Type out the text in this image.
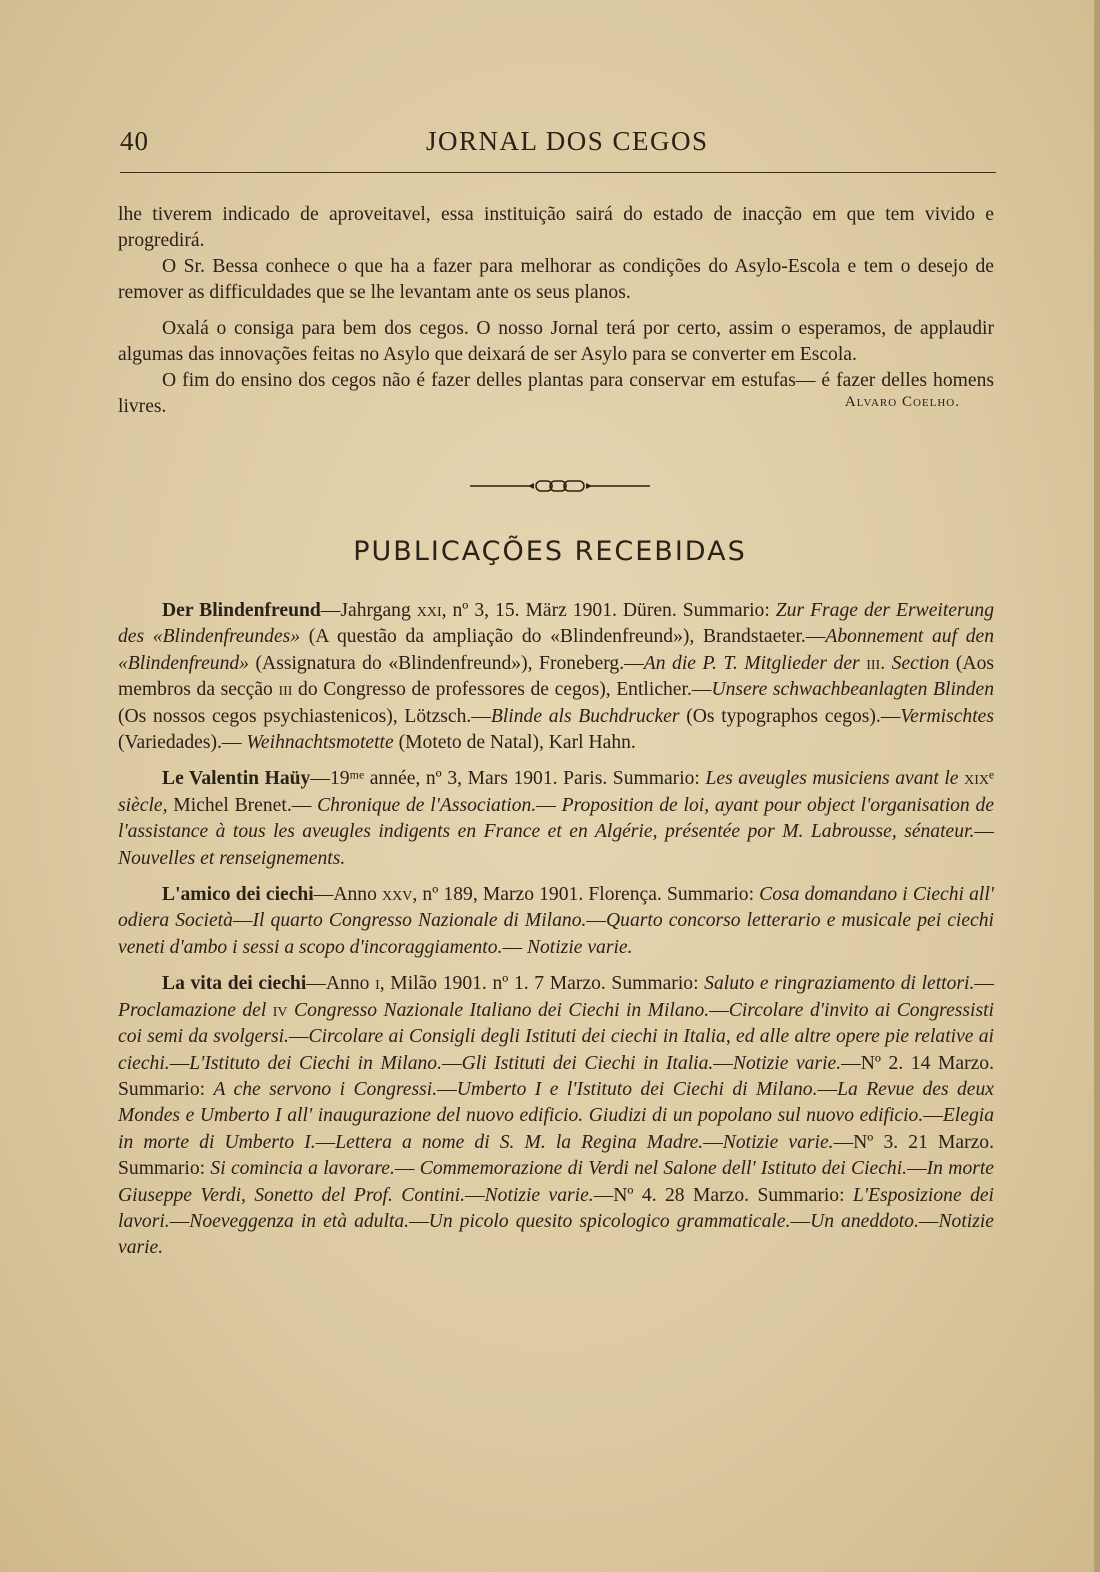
40	JORNAL DOS CEGOS

lhe tiverem indicado de aproveitavel, essa instituição sairá do estado de inacção em que tem vivido e progredirá.

O Sr. Bessa conhece o que ha a fazer para melhorar as condições do Asylo-Escola e tem o desejo de remover as difficuldades que se lhe levantam ante os seus planos.

Oxalá o consiga para bem dos cegos. O nosso Jornal terá por certo, assim o esperamos, de applaudir algumas das innovações feitas no Asylo que deixará de ser Asylo para se converter em Escola.

O fim do ensino dos cegos não é fazer delles plantas para conservar em estufas— é fazer delles homens livres.	Alvaro Coelho.
PUBLICAÇÕES RECEBIDAS

Der Blindenfreund—Jahrgang xxi, nº 3, 15. März 1901. Düren. Summario: Zur Frage der Erweiterung des «Blindenfreundes» (A questão da ampliação do «Blindenfreund»), Brandstaeter.—Abonnement auf den «Blindenfreund» (Assignatura do «Blindenfreund»), Froneberg.—An die P. T. Mitglieder der iii. Section (Aos membros da secção iii do Congresso de professores de cegos), Entlicher.—Unsere schwachbeanlagten Blinden (Os nossos cegos psychiastenicos), Lötzsch.—Blinde als Buchdrucker (Os typographos cegos).—Vermischtes (Variedades).— Weihnachtsmotette (Moteto de Natal), Karl Hahn.

Le Valentin Haüy—19ᵐᵉ année, nº 3, Mars 1901. Paris. Summario: Les aveugles musiciens avant le xixᵉ siècle, Michel Brenet.— Chronique de l'Association.— Proposition de loi, ayant pour object l'organisation de l'assistance à tous les aveugles indigents en France et en Algérie, présentée por M. Labrousse, sénateur.—Nouvelles et renseignements.

L'amico dei ciechi—Anno xxv, nº 189, Marzo 1901. Florença. Summario: Cosa domandano i Ciechi all' odiera Società—Il quarto Congresso Nazionale di Milano.—Quarto concorso letterario e musicale pei ciechi veneti d'ambo i sessi a scopo d'incoraggiamento.— Notizie varie.

La vita dei ciechi—Anno i, Milão 1901. nº 1. 7 Marzo. Summario: Saluto e ringraziamento di lettori.—Proclamazione del iv Congresso Nazionale Italiano dei Ciechi in Milano.—Circolare d'invito ai Congressisti coi semi da svolgersi.—Circolare ai Consigli degli Istituti dei ciechi in Italia, ed alle altre opere pie relative ai ciechi.—L'Istituto dei Ciechi in Milano.—Gli Istituti dei Ciechi in Italia.—Notizie varie.—Nº 2. 14 Marzo. Summario: A che servono i Congressi.—Umberto I e l'Istituto dei Ciechi di Milano.—La Revue des deux Mondes e Umberto I all' inaugurazione del nuovo edificio. Giudizi di un popolano sul nuovo edificio.—Elegia in morte di Umberto I.—Lettera a nome di S. M. la Regina Madre.—Notizie varie.—Nº 3. 21 Marzo. Summario: Si comincia a lavorare.— Commemorazione di Verdi nel Salone dell' Istituto dei Ciechi.—In morte Giuseppe Verdi, Sonetto del Prof. Contini.—Notizie varie.—Nº 4. 28 Marzo. Summario: L'Esposizione dei lavori.—Noeveggenza in età adulta.—Un picolo quesito spicologico grammaticale.—Un aneddoto.—Notizie varie.
